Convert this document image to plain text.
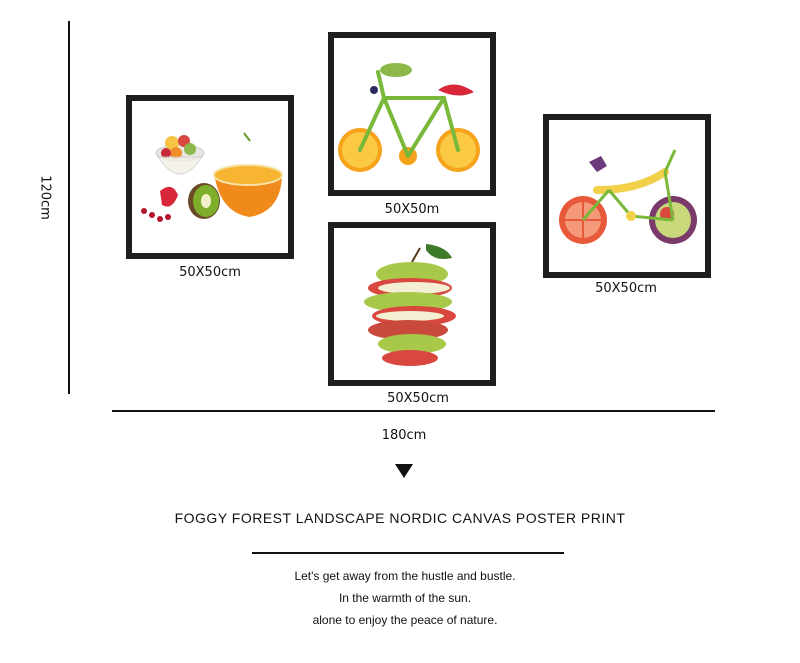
120cm
180cm
50X50cm
50X50m
50X50cm
50X50cm
FOGGY FOREST LANDSCAPE NORDIC CANVAS POSTER PRINT
Let's get away from the hustle and bustle.
In the warmth of the sun.
alone to enjoy the peace of nature.
